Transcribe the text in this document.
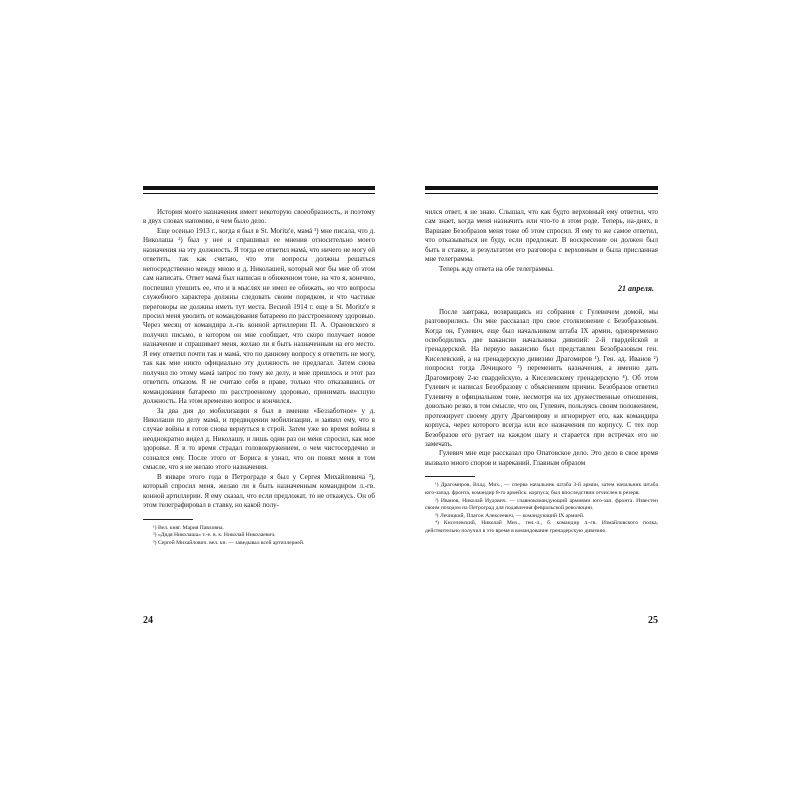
История моего назначения имеет некоторую своеобразность, и поэтому в двух словах напомню, в чем было дело.

Еще осенью 1913 г., когда я был в St. Moritz'е, мамá ¹) мне писала, что д. Николаша ²) был у нее и спрашивал ее мнения относительно моего назначения на эту должность. Я тогда ее ответил мамá, что ничего не могу ей ответить, так как считаю, что эти вопросы должны решаться непосредственно между мною и д. Николашей, который мог бы мне об этом сам написать. Ответ мамá был написан в обиженном тоне, на что я, конечно, поспешил утешить ее, что и в мыслях не имел ее обижать, но что вопросы служебного характера должны следовать своим порядком, и что частные переговоры не должны иметь тут места. Весной 1914 г. еще в St. Moritz'е я просил меня уволить от командования батареею по расстроенному здоровью. Через месяц от командира л.-гв. конной артиллерии П. А. Орановского я получил письмо, в котором он мне сообщает, что скоро получает новое назначение и спрашивает меня, желаю ли я быть назначенным на его место. Я ему ответил почти так и мамá, что по данному вопросу я ответить не могу, так как мне никто официально эту должность не предлагал. Затем снова получил по этому мамá запрос по тому же делу, и мне пришлось и этот раз ответить отказом. Я не считаю себя в праве, только что отказавшись от командования батареею по расстроенному здоровью, принимать высшую должность. На этом временно вопрос и кончился.

За два дня до мобилизации я был в имении «Беззаботное» у д. Николаши по делу мамá, и предвидении мобилизации, и заявил ему, что в случае войны я готов снова вернуться в строй. Затем уже во время войны я неоднократно видел д. Николашу, и лишь один раз он меня спросил, как мое здоровье. Я в то время страдал головокружением, о чем чистосердечно и сознался ему. После этого от Бориса я узнал, что он понял меня в том смысле, что я не желаю этого назначения.

В январе этого года в Петрограде я был у Сергея Михайловича ³), который спросил меня, желаю ли я быть назначенным командиром л.-гв. конной артиллерии. Я ему сказал, что если предложат, то не откажусь. Он об этом телеграфировал в ставку, но какой полу-

¹) Вел. княг. Мария Павловна.

²) «Дядя Николаша» т.-е. в. к. Николай Николаевич.

³) Сергей Михайлович. вел. кн. — заведывал всей артиллерией.

24

чился ответ, я не знаю. Слышал, что как будто верховный ему ответил, что сам знает, когда меня назначить или что-то в этом роде. Теперь, на-днях, в Варшаве Безобразов меня тоже об этом спросил. Я ему то же самое ответил, что отказываться не буду, если предложат. В воскресение он должен был быть в ставке, и результатом его разговора с верховным и была присланная мне телеграмма.

Теперь жду ответа на обе телеграммы.

21 апреля.

После завтрака, возвращаясь из собрания с Гулевичем домой, мы разговорились. Он мне рассказал про свое столкновение с Безобразовым. Когда он, Гулевич, еще был начальником штаба IX армии, одновременно освободились две вакансии начальника дивизий: 2-й гвардейской и гренадерской. На первую вакансию был представлен Безобразовым ген. Киселевский, а на гренадерскую дивизию Драгомиров ¹). Ген. ад. Иванов ²) попросил тогда Лечицкого ³) переменить назначения, а именно дать Драгомирову 2-ю гвардейскую, а Киселевскому гренадерскую ⁴). Об этом Гулевич и написал Безобразову с объяснением причин. Безобразов ответил Гулевичу в официальном тоне, несмотря на их дружественные отношения, довольно резко, в том смысле, что он, Гулевич, пользуясь своим положением, протежирует своему другу Драгомирову и игнорирует его, как командира корпуса, через которого всегда или все назначения по корпусу. С тех пор Безобразов его ругает на каждом шагу и старается при встречах его не замечать.

Гулевич мне еще рассказал про Опатовское дело. Это дело в свое время вызвало много споров и нареканий. Главным образом

¹) Драгомиров, Влад. Мих., — сперва начальник штаба 3-й армии, затем начальник штаба юго-запад. фронта, командир 8-го армейск. корпуса; был впоследствии отчислен в резерв.

²) Иванов, Николай Иудович. — главнокомандующий армиями юго-зап. фронта. Известен своим походом на Петроград для подавления февральской революции.

³) Лечицкий, Платон Алексеевич, — командующий IX армией.

⁴) Киселевский, Николай Мих., ген.-л., б. командир л.-гв. Измайловского полка, действительно получил в это время в командование гренадерскую дивизию.

25
